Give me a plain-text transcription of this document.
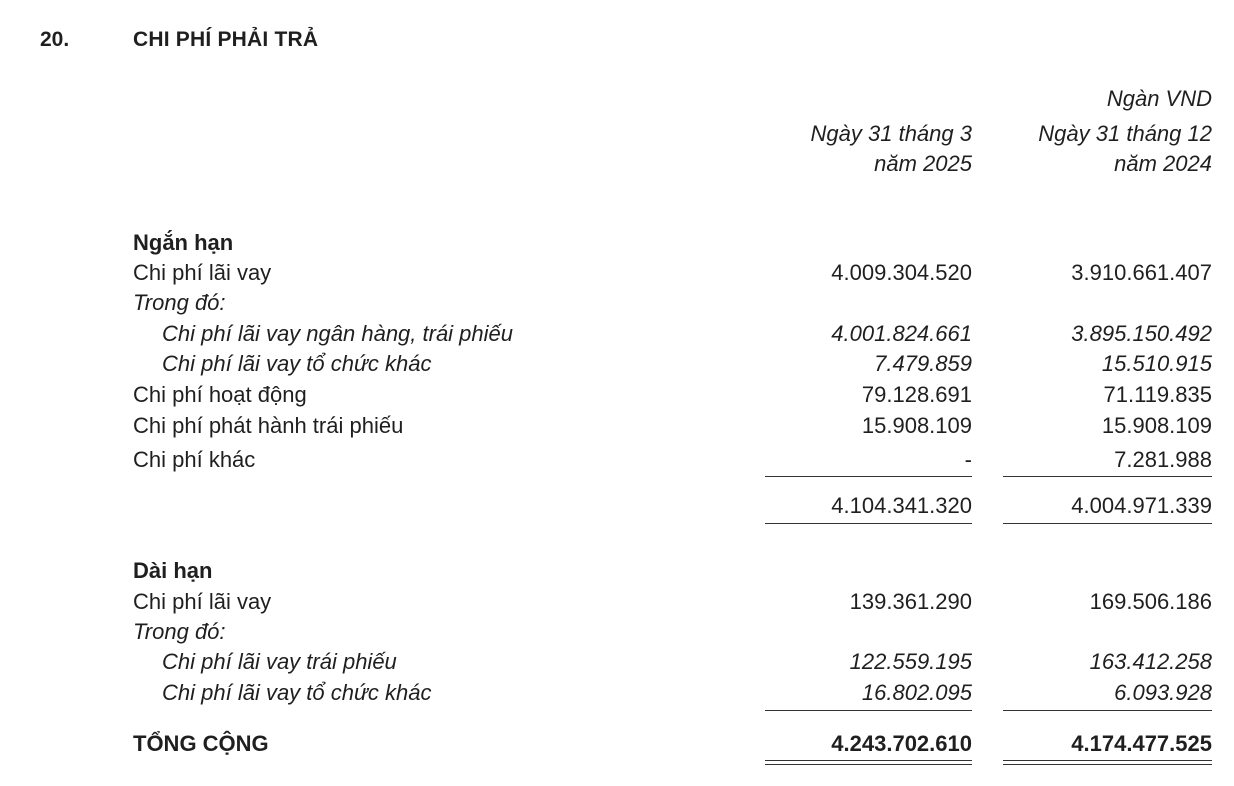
20.	CHI PHÍ PHẢI TRẢ
Ngàn VND
Ngày 31 tháng 3
năm 2025
Ngày 31 tháng 12
năm 2024
Ngắn hạn
Chi phí lãi vay	4.009.304.520	3.910.661.407
Trong đó:
Chi phí lãi vay ngân hàng, trái phiếu	4.001.824.661	3.895.150.492
Chi phí lãi vay tổ chức khác	7.479.859	15.510.915
Chi phí hoạt động	79.128.691	71.119.835
Chi phí phát hành trái phiếu	15.908.109	15.908.109
Chi phí khác	-	7.281.988
4.104.341.320	4.004.971.339
Dài hạn
Chi phí lãi vay	139.361.290	169.506.186
Trong đó:
Chi phí lãi vay trái phiếu	122.559.195	163.412.258
Chi phí lãi vay tổ chức khác	16.802.095	6.093.928
TỔNG CỘNG	4.243.702.610	4.174.477.525
